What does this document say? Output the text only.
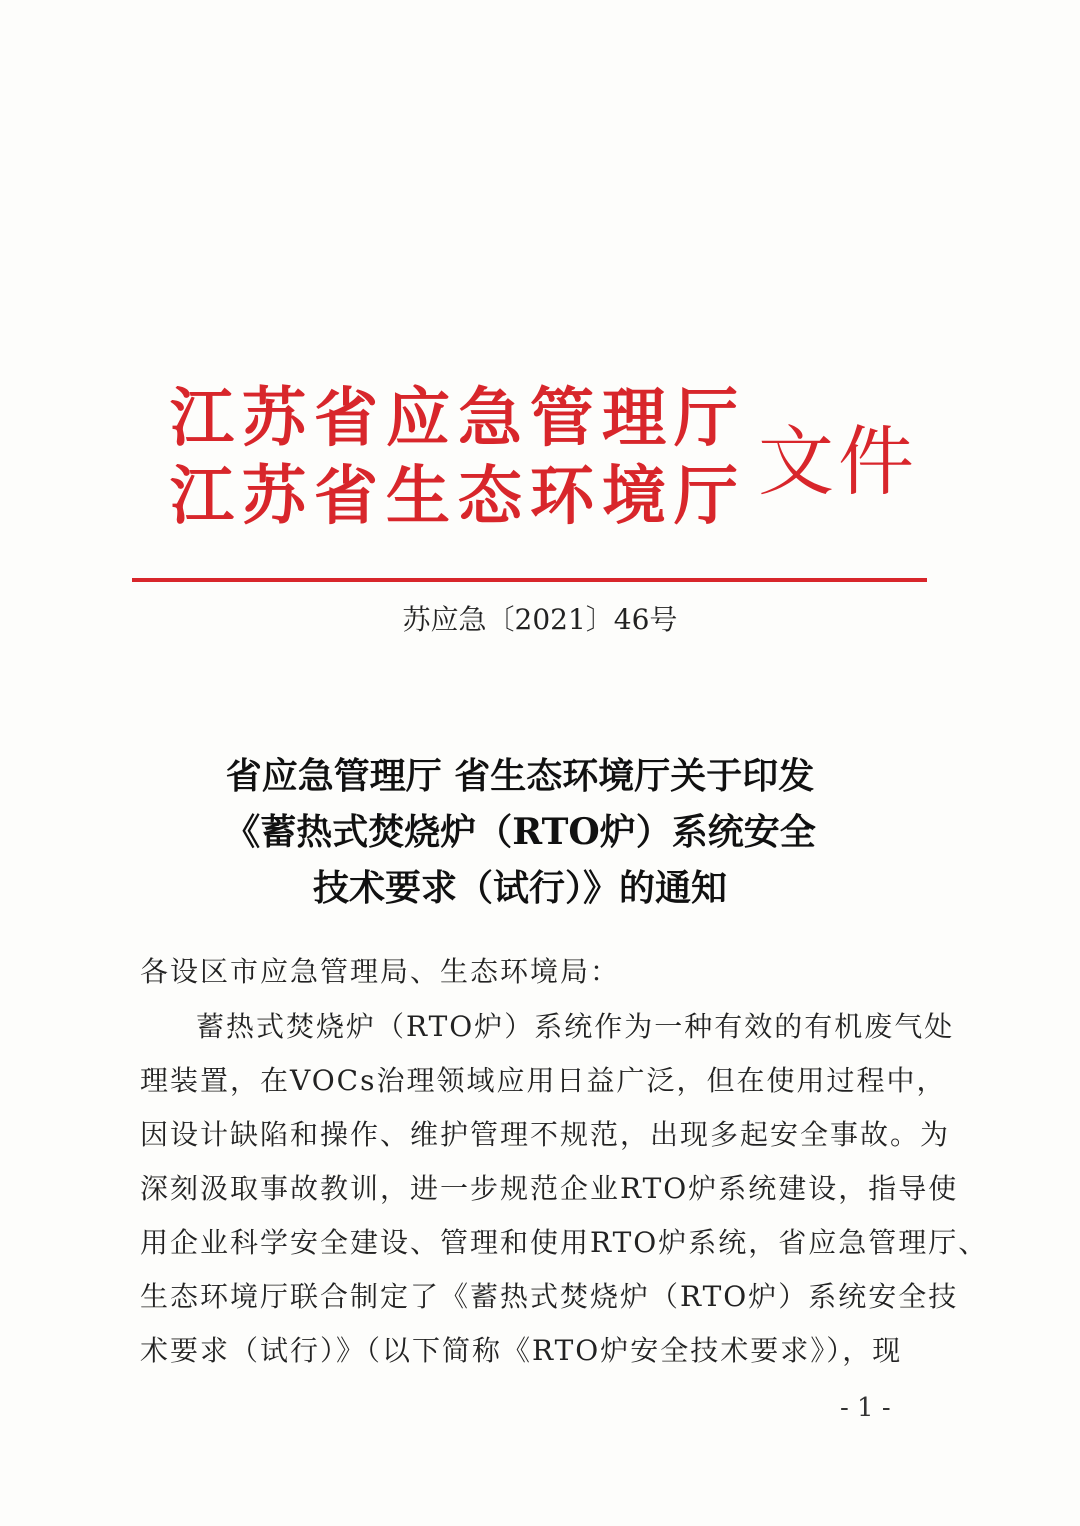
江苏省应急管理厅
江苏省生态环境厅 文件
苏应急〔2021〕46号
省应急管理厅 省生态环境厅关于印发
《蓄热式焚烧炉（RTO炉）系统安全
技术要求（试行）》的通知
各设区市应急管理局、生态环境局：
蓄热式焚烧炉（RTO炉）系统作为一种有效的有机废气处
理装置，在VOCs治理领域应用日益广泛，但在使用过程中，
因设计缺陷和操作、维护管理不规范，出现多起安全事故。为
深刻汲取事故教训，进一步规范企业RTO炉系统建设，指导使
用企业科学安全建设、管理和使用RTO炉系统，省应急管理厅、
生态环境厅联合制定了《蓄热式焚烧炉（RTO炉）系统安全技
术要求（试行）》（以下简称《RTO炉安全技术要求》），现
- 1 -
